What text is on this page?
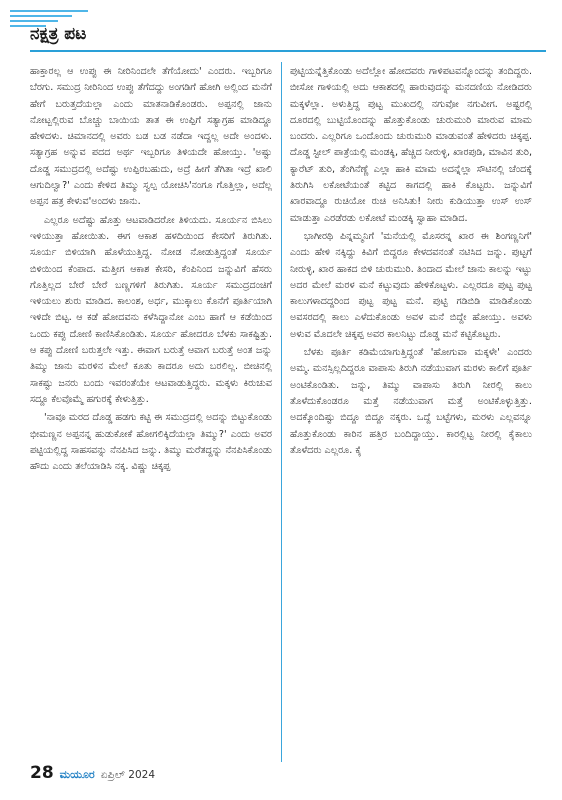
ನಕ್ಷತ್ರ ಪಟ

ಹಾಕ್ತಾರಲ್ಲ ಆ ಉಪ್ಪು ಈ ನೀರಿನಿಂದಲೇ ತೆಗೆಯೋದು' ಎಂದರು. ಇಬ್ಬರಿಗೂ ಬೆರಗು. ಸಮುದ್ರ ನೀರಿನಿಂದ ಉಪ್ಪು ತೆಗೆದದ್ದು ಅಂಗಡಿಗೆ ಹೋಗಿ ಅಲ್ಲಿಂದ ಮನೆಗೆ ಹೇಗೆ ಬರುತ್ತದೆಯಲ್ಲಾ ಎಂದು ಮಾತನಾಡಿಕೊಂಡರು. ಅಪ್ಪನಲ್ಲಿ ಜಾನು ನೋಟ್ಬಲ್ಲಿರುವ ಬೊಚ್ಚು ಬಾಯಿಯ ತಾತ ಈ ಉಪ್ಪಿಗೆ ಸತ್ಯಾಗ್ರಹ ಮಾಡಿದ್ದೂ ಹೇಳಿದಳು. ಚಿಮಾನದಲ್ಲಿ ಅವರು ಬಡ ಬಡ ನಡೆದಾ ಇದ್ದಲ್ಲ ಅದೇ ಅಂದಳು. ಸತ್ಯಾಗ್ರಹ ಅನ್ನುವ ಪದದ ಅರ್ಥ ಇಬ್ಬರಿಗೂ ತಿಳಿಯದೇ ಹೋಯ್ತು. 'ಅಷ್ಟು ದೊಡ್ಡ ಸಮುದ್ರದಲ್ಲಿ ಅದೆಷ್ಟು ಉಪ್ಪಿರಬಹುದು, ಅದ್ರೆ ಹೀಗೆ ತೆಗಿತಾ ಇದ್ರೆ ಖಾಲಿ ಆಗುದಿಲ್ವಾ?' ಎಂದು ಕೇಳಿದ ತಿಮ್ಮು ಸ್ವಲ್ಪ ಯೋಚಿಸಿ'ನಂಗೂ ಗೊತ್ತಿಲ್ಲಾ, ಅದೆಲ್ಲ ಅಪ್ಪನ ಹತ್ರ ಕೇಳುವ'ಅಂದಳು ಜಾನು.

ಎಲ್ಲರೂ ಅದೆಷ್ಟು ಹೊತ್ತು ಆಟವಾಡಿದರೋ ತಿಳಿಯದು. ಸೂರ್ಯನ ಬಿಸಿಲು ಇಳಿಯುತ್ತಾ ಹೋಯಿತು. ಈಗ ಆಕಾಶ ಹಳದಿಯಿಂದ ಕೇಸರಿಗೆ ತಿರುಗಿತು. ಸೂರ್ಯ ಬಿಳಿಯಾಗಿ ಹೊಳೆಯುತ್ತಿದ್ದ. ನೋಡ ನೋಡುತ್ತಿದ್ದಂತೆ ಸೂರ್ಯ ಬಿಳಿಯಿಂದ ಕೆಂಪಾದ. ಮತ್ತೀಗ ಆಕಾಶ ಕೇಸರಿ, ಕೆಂಪಿನಿಂದ ಜನ್ನುವಿಗೆ ಹೆಸರು ಗೊತ್ತಿಲ್ಲದ ಬೇರೆ ಬೇರೆ ಬಣ್ಣಗಳಿಗೆ ತಿರುಗಿತು. ಸೂರ್ಯ ಸಮುದ್ರದಂಚಿಗೆ ಇಳಿಯಲು ಶುರು ಮಾಡಿದ. ಕಾಲಂಶ, ಅರ್ಧ, ಮುಕ್ಕಾಲು ಕೊನೆಗೆ ಪೂರ್ತಿಯಾಗಿ ಇಳಿದೇ ಬಿಟ್ಟ. ಆ ಕಡೆ ಹೋದವನು ಕಳೆಸಿದ್ದಾನೋ ಎಂಬ ಹಾಗೆ ಆ ಕಡೆಯಿಂದ ಒಂದು ಕಪ್ಪು ದೋಣಿ ಕಾಣಿಸಿಕೊಂಡಿತು. ಸೂರ್ಯ ಹೋದರೂ ಬೆಳಕು ಸಾಕಷ್ಟಿತ್ತು. ಆ ಕಪ್ಪು ದೋಣಿ ಬರುತ್ತಲೇ ಇತ್ತು. ಈವಾಗ ಬರುತ್ತೆ ಆವಾಗ ಬರುತ್ತೆ ಅಂತ ಜನ್ನು ತಿಮ್ಮು ಜಾನು ಮರಳಿನ ಮೇಲೆ ಕೂತು ಕಾದರೂ ಅದು ಬರಲಿಲ್ಲ. ಬೀಚಿನಲ್ಲಿ ಸಾಕಷ್ಟು ಜನರು ಬಂದು ಇವರಂತೆಯೇ ಆಟವಾಡುತ್ತಿದ್ದರು. ಮಕ್ಕಳು ಕಿರುಚುವ ಸದ್ದೂ ಕೆಲವೊಮ್ಮೆ ಹಗುರಕ್ಕೆ ಕೇಳುತ್ತಿತ್ತು.

'ನಾವೂ ಮರದ ದೊಡ್ಡ ಹಡಗು ಕಟ್ಟಿ ಈ ಸಮುದ್ರದಲ್ಲಿ ಅದನ್ನು ಬಿಟ್ಟುಕೊಂಡು ಭೀಮಣ್ಣನ ಅಪ್ಪನನ್ನ ಹುಡುಕೋಕೆ ಹೋಗಲಿಕ್ಕಿದೆಯಲ್ಲಾ ತಿಮ್ಮು?' ಎಂದು ಅವರ ಪಟ್ಟಿಯಲ್ಲಿದ್ದ ಸಾಹಸವನ್ನು ನೆನಪಿಸಿದ ಜನ್ನು. ತಿಮ್ಮು ಮರೆತದ್ದನ್ನು ನೆನಪಿಸಿಕೊಂಡು ಹೌದು ಎಂದು ತಲೆಯಾಡಿಸಿ ನಕ್ಕ. ವಿಷ್ಣು ಚಿಕ್ಕಪ್ಪ

ಪುಟ್ಟಿಯನ್ನೆತ್ತಿಕೊಂಡು ಅದೆಲ್ಲೋ ಹೋದವರು ಗಾಳಿಪಟವನ್ನೊಂದನ್ನು ತಂದಿದ್ದರು. ಬೀಸೋ ಗಾಳಿಯಲ್ಲಿ ಅದು ಆಕಾಶದಲ್ಲಿ ಹಾರುವುದನ್ನು ಮನದಣಿಯ ನೋಡಿದರು ಮಕ್ಕಳೆಲ್ಲಾ. ಅಳುತ್ತಿದ್ದ ಪುಟ್ಟ ಮುಖದಲ್ಲಿ ನಗುವೋ ನಗುವೀಗ. ಅಷ್ಟರಲ್ಲಿ ದೂರದಲ್ಲಿ ಬುಟ್ಟಿಯೊಂದನ್ನು ಹೊತ್ತುಕೊಂಡು ಚುರುಮುರಿ ಮಾರುವ ಮಾಮ ಬಂದರು. ಎಲ್ಲರಿಗೂ ಒಂದೊಂದು ಚುರುಮುರಿ ಮಾಡುವಂತೆ ಹೇಳಿದರು ಚಿಕ್ಕಪ್ಪ. ದೊಡ್ಡ ಸ್ಟೀಲ್ ಪಾತ್ರೆಯಲ್ಲಿ ಮಂಡಕ್ಕಿ, ಹೆಚ್ಚಿದ ನೀರುಳ್ಳಿ, ಖಾರಪುಡಿ, ಮಾವಿನ ತುರಿ, ಕ್ಯಾರೆಟ್ ತುರಿ, ತೆಂಗಿನೆಣ್ಣೆ ಎಲ್ಲಾ ಹಾಕಿ ಮಾಮ ಅದನ್ನೆಲ್ಲಾ ಸೌಟಿನಲ್ಲಿ ಚೆಂದಕ್ಕೆ ತಿರುಗಿಸಿ ಲಕೋಟೆಯಂತೆ ಕಟ್ಟಿದ ಕಾಗದಲ್ಲಿ ಹಾಕಿ ಕೊಟ್ಟರು. ಜನ್ನುವಿಗೆ ಖಾರವಾದ್ದೂ ರುಚಿಯೋ ರುಚಿ ಅನಿಸಿತು! ನೀರು ಕುಡಿಯುತ್ತಾ ಉಸ್ ಉಸ್ ಮಾಡುತ್ತಾ ಎರಡೆರಡು ಲಕೋಟೆ ಮಂಡಕ್ಕಿ ಸ್ವಾಹಾ ಮಾಡಿದ.

ಭಾಗೀರಥಿ ಪಿನ್ನಮ್ಮನಿಗೆ 'ಮನೆಯಲ್ಲಿ ಮೊಸರನ್ನ ಖಾರ ಈ ಶಿಂಗಣ್ಣನಿಗೆ' ಎಂದು ಹೇಳಿ ನಕ್ಕಿದ್ದು ಕಿವಿಗೆ ಬಿದ್ದರೂ ಕೇಳದವನಂತೆ ನಟಿಸಿದ ಜನ್ನು. ಪುಟ್ಟಗೆ ನೀರುಳ್ಳಿ, ಖಾರ ಹಾಕದ ಬಿಳಿ ಚುರುಮುರಿ. ತಿಂದಾದ ಮೇಲೆ ಜಾನು ಕಾಲನ್ನು ಇಟ್ಟು ಅದರ ಮೇಲೆ ಮರಳ ಮನೆ ಕಟ್ಟುವುದು ಹೇಳಿಕೊಟ್ಟಳು. ಎಲ್ಲರದೂ ಪುಟ್ಟ ಪುಟ್ಟ ಕಾಲುಗಳಾದದ್ದರಿಂದ ಪುಟ್ಟ ಪುಟ್ಟ ಮನೆ. ಪುಟ್ಟಿ ಗಡಿಬಿಡಿ ಮಾಡಿಕೊಂಡು ಅವಸರದಲ್ಲಿ ಕಾಲು ಎಳೆದುಕೊಂಡು ಅವಳ ಮನೆ ಬಿದ್ದೇ ಹೋಯ್ತು. ಅವಳು ಅಳುವ ಮೊದಲೇ ಚಿಕ್ಕಪ್ಪ ಅವರ ಕಾಲನಿಟ್ಟು ದೊಡ್ಡ ಮನೆ ಕಟ್ಟಿಕೊಟ್ಟರು.

ಬೆಳಕು ಪೂರ್ತಿ ಕಡಿಮೆಯಾಗುತ್ತಿದ್ದಂತೆ 'ಹೋಗುವಾ ಮಕ್ಕಳೇ' ಎಂದರು ಅಮ್ಮ. ಮನಸ್ಸಿಲ್ಲದಿದ್ದರೂ ವಾಪಾಸು ತಿರುಗಿ ನಡೆಯುವಾಗ ಮರಳು ಕಾಲಿಗೆ ಪೂರ್ತಿ ಅಂಟಿಕೊಂಡಿತು. ಜನ್ನು, ತಿಮ್ಮು ವಾಪಾಸು ತಿರುಗಿ ನೀರಲ್ಲಿ ಕಾಲು ತೊಳೆದುಕೊಂಡರೂ ಮತ್ತೆ ನಡೆಯುವಾಗ ಮತ್ತೆ ಅಂಟಿಕೊಳ್ಳುತ್ತಿತ್ತು. ಅದಕ್ಕೊಂದಿಷ್ಟು ಬಿದ್ದೂ ಬಿದ್ದೂ ನಕ್ಕರು. ಒದ್ದೆ ಬಟ್ಟೆಗಳು, ಮರಳು ಎಲ್ಲವನ್ನೂ ಹೊತ್ತುಕೊಂಡು ಕಾರಿನ ಹತ್ತಿರ ಬಂದಿದ್ದಾಯ್ತು. ಕಾರಲ್ಲಿಟ್ಟ ನೀರಲ್ಲಿ ಕೈಕಾಲು ತೊಳೆದರು ಎಲ್ಲರೂ. ಕೈ

28 ಮಯೂರ ಏಪ್ರಿಲ್ 2024
